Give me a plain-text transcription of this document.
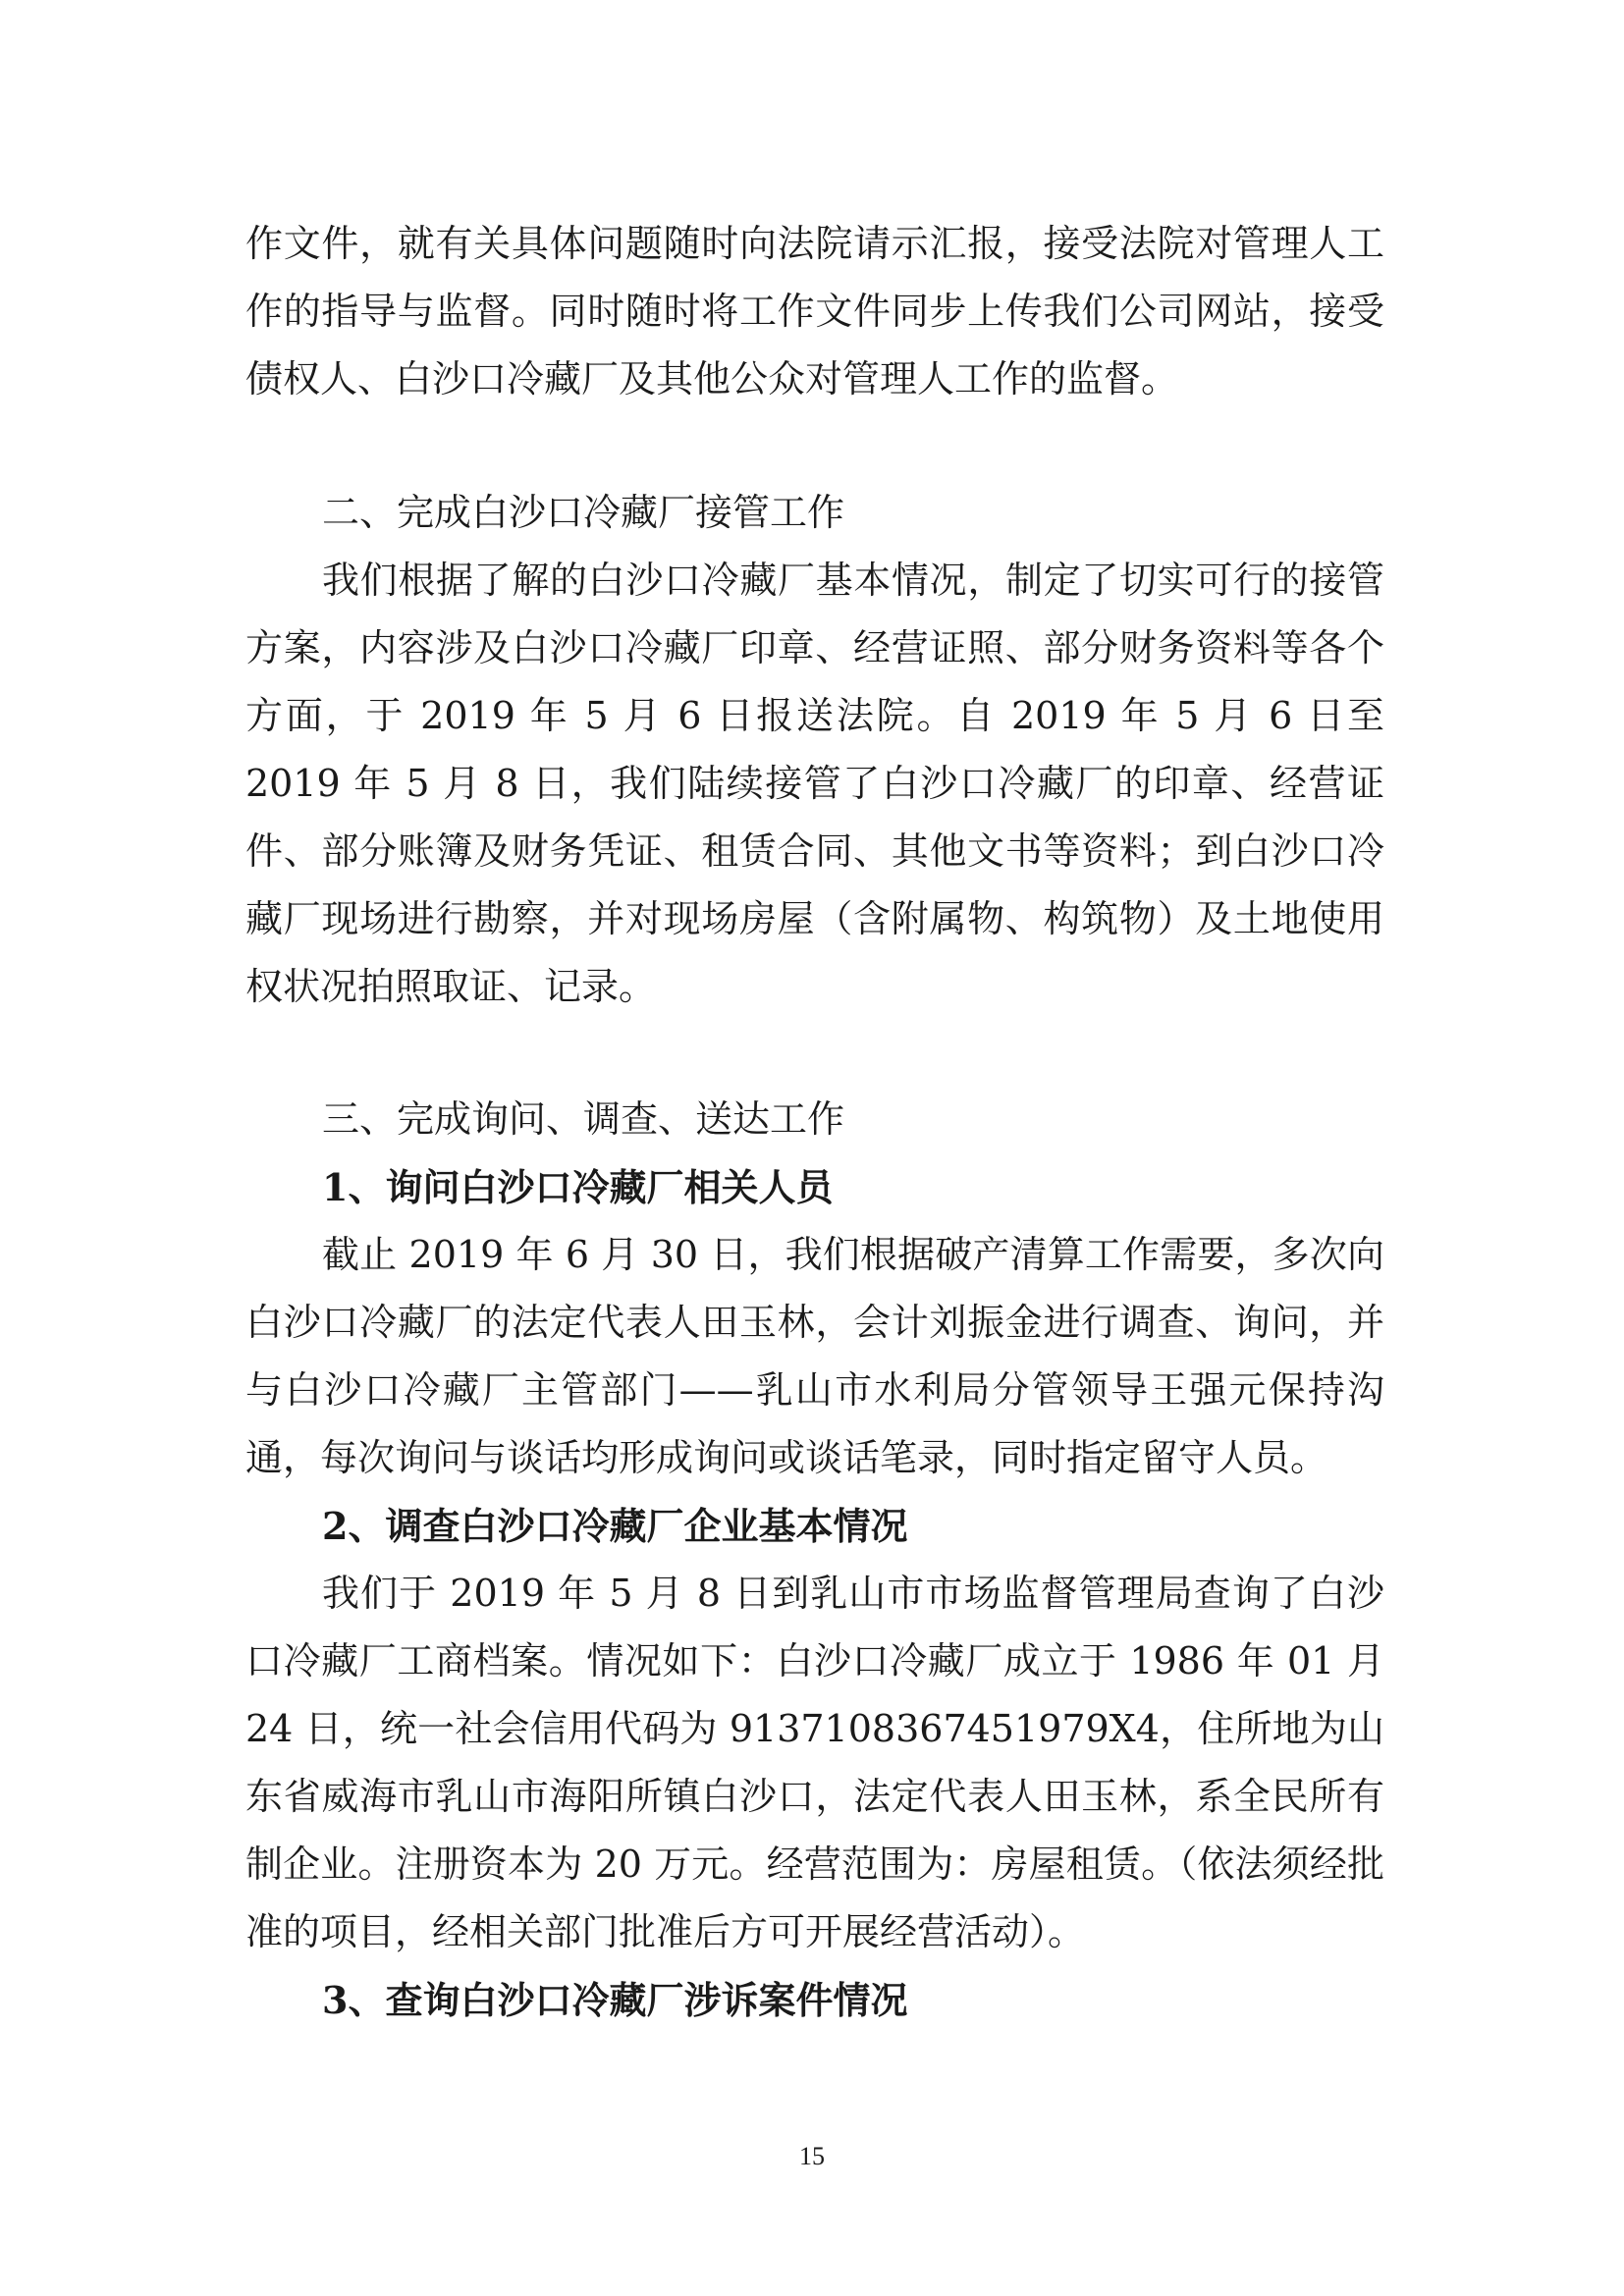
作文件，就有关具体问题随时向法院请示汇报，接受法院对管理人工作的指导与监督。同时随时将工作文件同步上传我们公司网站，接受债权人、白沙口冷藏厂及其他公众对管理人工作的监督。

二、完成白沙口冷藏厂接管工作

我们根据了解的白沙口冷藏厂基本情况，制定了切实可行的接管方案，内容涉及白沙口冷藏厂印章、经营证照、部分财务资料等各个方面，于 2019 年 5 月 6 日报送法院。自 2019 年 5 月 6 日至 2019 年 5 月 8 日，我们陆续接管了白沙口冷藏厂的印章、经营证件、部分账簿及财务凭证、租赁合同、其他文书等资料；到白沙口冷藏厂现场进行勘察，并对现场房屋（含附属物、构筑物）及土地使用权状况拍照取证、记录。

三、完成询问、调查、送达工作

1、询问白沙口冷藏厂相关人员

截止 2019 年 6 月 30 日，我们根据破产清算工作需要，多次向白沙口冷藏厂的法定代表人田玉林，会计刘振金进行调查、询问，并与白沙口冷藏厂主管部门——乳山市水利局分管领导王强元保持沟通，每次询问与谈话均形成询问或谈话笔录，同时指定留守人员。

2、调查白沙口冷藏厂企业基本情况

我们于 2019 年 5 月 8 日到乳山市市场监督管理局查询了白沙口冷藏厂工商档案。情况如下：白沙口冷藏厂成立于 1986 年 01 月 24 日，统一社会信用代码为 913710836745197​9X4，住所地为山东省威海市乳山市海阳所镇白沙口，法定代表人田玉林，系全民所有制企业。注册资本为 20 万元。经营范围为：房屋租赁。（依法须经批准的项目，经相关部门批准后方可开展经营活动）。

3、查询白沙口冷藏厂涉诉案件情况

15
